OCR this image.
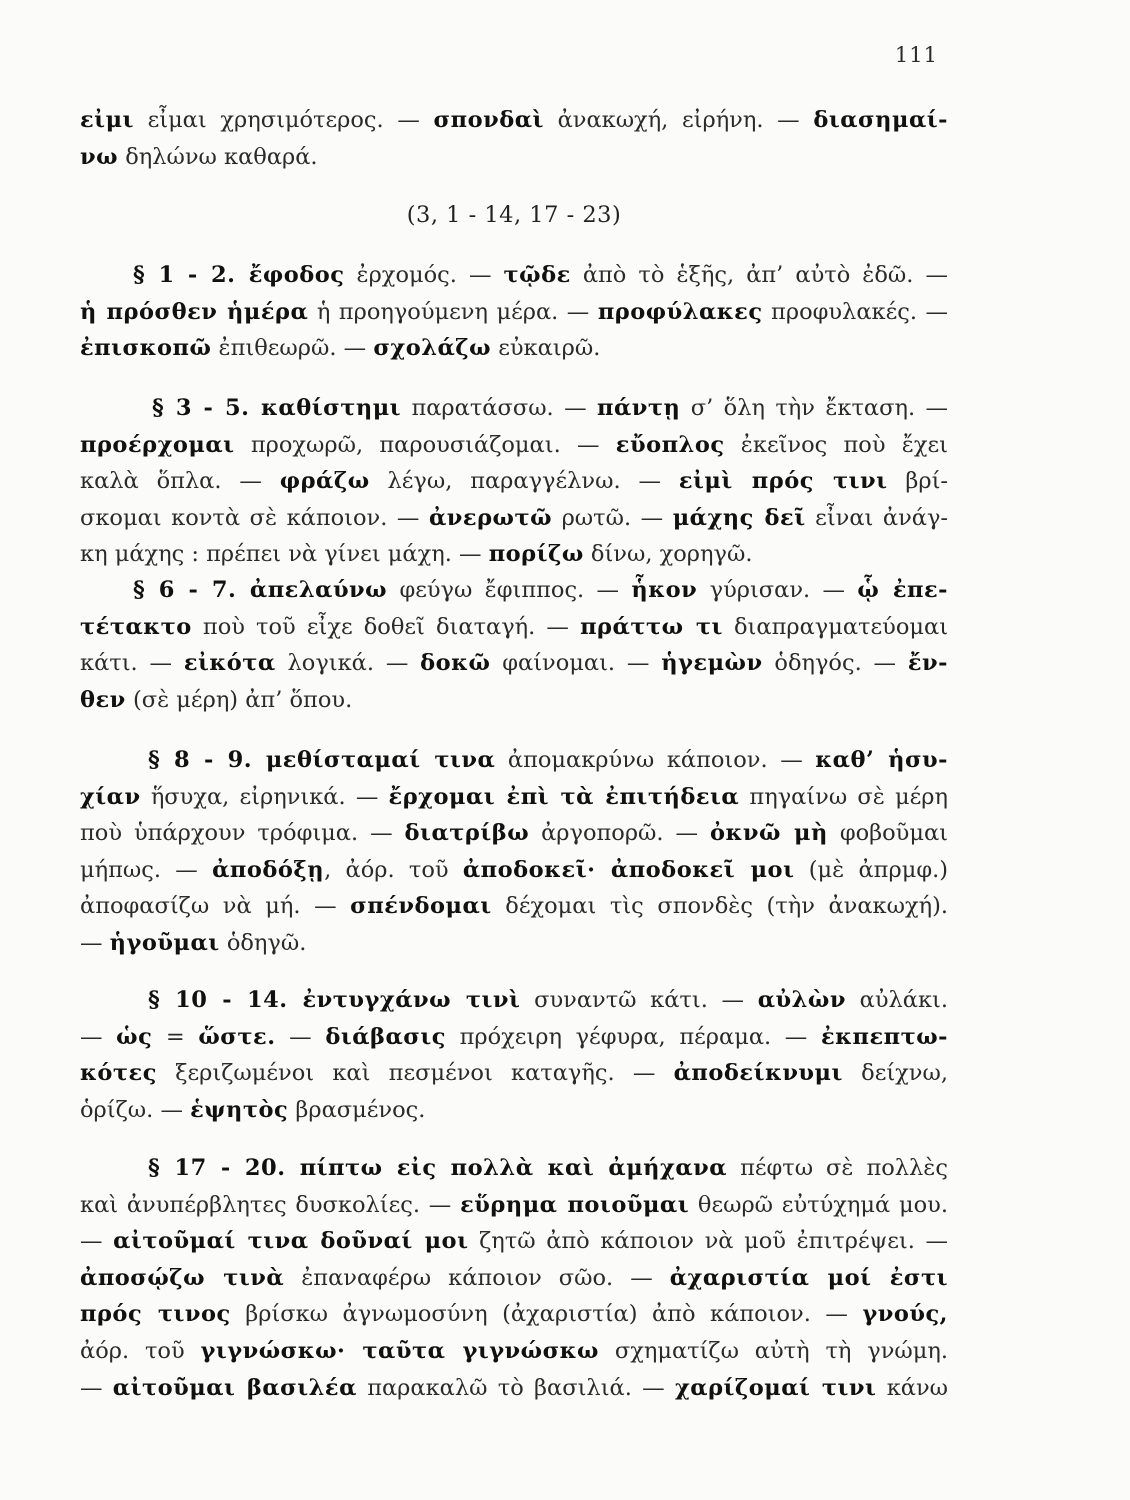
111
εἰμι εἶμαι χρησιμότερος. — σπονδαὶ ἀνακωχή, εἰρήνη. — διασημαί-
νω δηλώνω καθαρά.
(3, 1 - 14, 17 - 23)
§ 1 - 2. ἔφοδος ἐρχομός. — τῷδε ἀπὸ τὸ ἑξῆς, ἀπ’ αὐτὸ ἐδῶ. —
ἡ πρόσθεν ἡμέρα ἡ προηγούμενη μέρα. — προφύλακες προφυλακές. —
ἐπισκοπῶ ἐπιθεωρῶ. — σχολάζω εὐκαιρῶ.
§ 3 - 5. καθίστημι παρατάσσω. — πάντῃ σ’ ὅλη τὴν ἔκταση. —
προέρχομαι προχωρῶ, παρουσιάζομαι. — εὔοπλος ἐκεῖνος ποὺ ἔχει
καλὰ ὅπλα. — φράζω λέγω, παραγγέλνω. — εἰμὶ πρός τινι βρί-
σκομαι κοντὰ σὲ κάποιον. — ἀνερωτῶ ρωτῶ. — μάχης δεῖ εἶναι ἀνάγ-
κη μάχης : πρέπει νὰ γίνει μάχη. — πορίζω δίνω, χορηγῶ.
§ 6 - 7. ἀπελαύνω φεύγω ἔφιππος. — ἧκον γύρισαν. — ᾧ ἐπε-
τέτακτο ποὺ τοῦ εἶχε δοθεῖ διαταγή. — πράττω τι διαπραγματεύομαι
κάτι. — εἰκότα λογικά. — δοκῶ φαίνομαι. — ἡγεμὼν ὁδηγός. — ἔν-
θεν (σὲ μέρη) ἀπ’ ὅπου.
§ 8 - 9. μεθίσταμαί τινα ἀπομακρύνω κάποιον. — καθ’ ἡσυ-
χίαν ἥσυχα, εἰρηνικά. — ἔρχομαι ἐπὶ τὰ ἐπιτήδεια πηγαίνω σὲ μέρη
ποὺ ὑπάρχουν τρόφιμα. — διατρίβω ἀργοπορῶ. — ὀκνῶ μὴ φοβοῦμαι
μήπως. — ἀποδόξῃ, ἀόρ. τοῦ ἀποδοκεῖ· ἀποδοκεῖ μοι (μὲ ἀπρμφ.)
ἀποφασίζω νὰ μή. — σπένδομαι δέχομαι τὶς σπονδὲς (τὴν ἀνακωχή).
— ἡγοῦμαι ὁδηγῶ.
§ 10 - 14. ἐντυγχάνω τινὶ συναντῶ κάτι. — αὐλὼν αὐλάκι.
— ὡς = ὥστε. — διάβασις πρόχειρη γέφυρα, πέραμα. — ἐκπεπτω-
κότες ξεριζωμένοι καὶ πεσμένοι καταγῆς. — ἀποδείκνυμι δείχνω,
ὁρίζω. — ἑψητὸς βρασμένος.
§ 17 - 20. πίπτω εἰς πολλὰ καὶ ἀμήχανα πέφτω σὲ πολλὲς
καὶ ἀνυπέρβλητες δυσκολίες. — εὕρημα ποιοῦμαι θεωρῶ εὐτύχημά μου.
— αἰτοῦμαί τινα δοῦναί μοι ζητῶ ἀπὸ κάποιον νὰ μοῦ ἐπιτρέψει. —
ἀποσῴζω τινὰ ἐπαναφέρω κάποιον σῶο. — ἀχαριστία μοί ἐστι
πρός τινος βρίσκω ἀγνωμοσύνη (ἀχαριστία) ἀπὸ κάποιον. — γνούς,
ἀόρ. τοῦ γιγνώσκω· ταῦτα γιγνώσκω σχηματίζω αὐτὴ τὴ γνώμη.
— αἰτοῦμαι βασιλέα παρακαλῶ τὸ βασιλιά. — χαρίζομαί τινι κάνω
